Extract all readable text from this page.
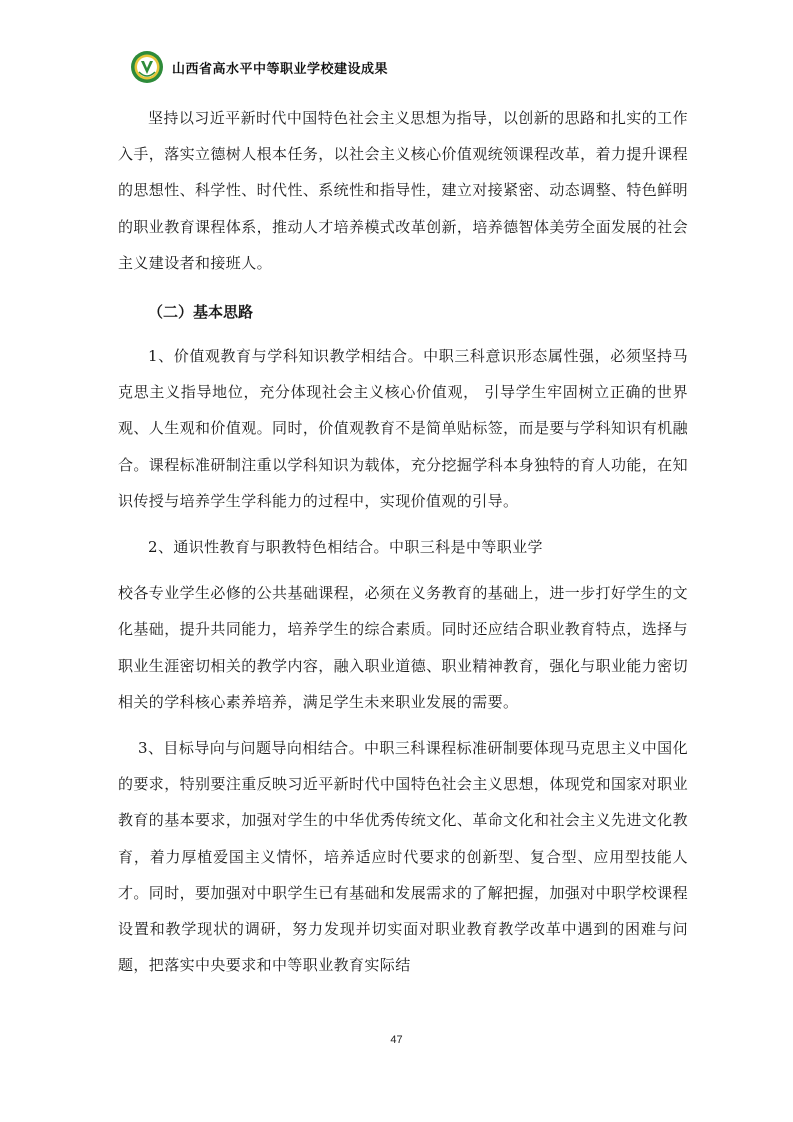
山西省高水平中等职业学校建设成果

坚持以习近平新时代中国特色社会主义思想为指导，以创新的思路和扎实的工作入手，落实立德树人根本任务，以社会主义核心价值观统领课程改革，着力提升课程的思想性、科学性、时代性、系统性和指导性，建立对接紧密、动态调整、特色鲜明的职业教育课程体系，推动人才培养模式改革创新，培养德智体美劳全面发展的社会主义建设者和接班人。

（二）基本思路

1、价值观教育与学科知识教学相结合。中职三科意识形态属性强，必须坚持马克思主义指导地位，充分体现社会主义核心价值观， 引导学生牢固树立正确的世界观、人生观和价值观。同时，价值观教育不是简单贴标签，而是要与学科知识有机融合。课程标准研制注重以学科知识为载体，充分挖掘学科本身独特的育人功能，在知识传授与培养学生学科能力的过程中，实现价值观的引导。

2、通识性教育与职教特色相结合。中职三科是中等职业学

校各专业学生必修的公共基础课程，必须在义务教育的基础上，进一步打好学生的文化基础，提升共同能力，培养学生的综合素质。同时还应结合职业教育特点，选择与职业生涯密切相关的教学内容，融入职业道德、职业精神教育，强化与职业能力密切相关的学科核心素养培养，满足学生未来职业发展的需要。

3、目标导向与问题导向相结合。中职三科课程标准研制要体现马克思主义中国化的要求，特别要注重反映习近平新时代中国特色社会主义思想，体现党和国家对职业教育的基本要求，加强对学生的中华优秀传统文化、革命文化和社会主义先进文化教育，着力厚植爱国主义情怀，培养适应时代要求的创新型、复合型、应用型技能人才。同时，要加强对中职学生已有基础和发展需求的了解把握，加强对中职学校课程设置和教学现状的调研，努力发现并切实面对职业教育教学改革中遇到的困难与问题，把落实中央要求和中等职业教育实际结

47
